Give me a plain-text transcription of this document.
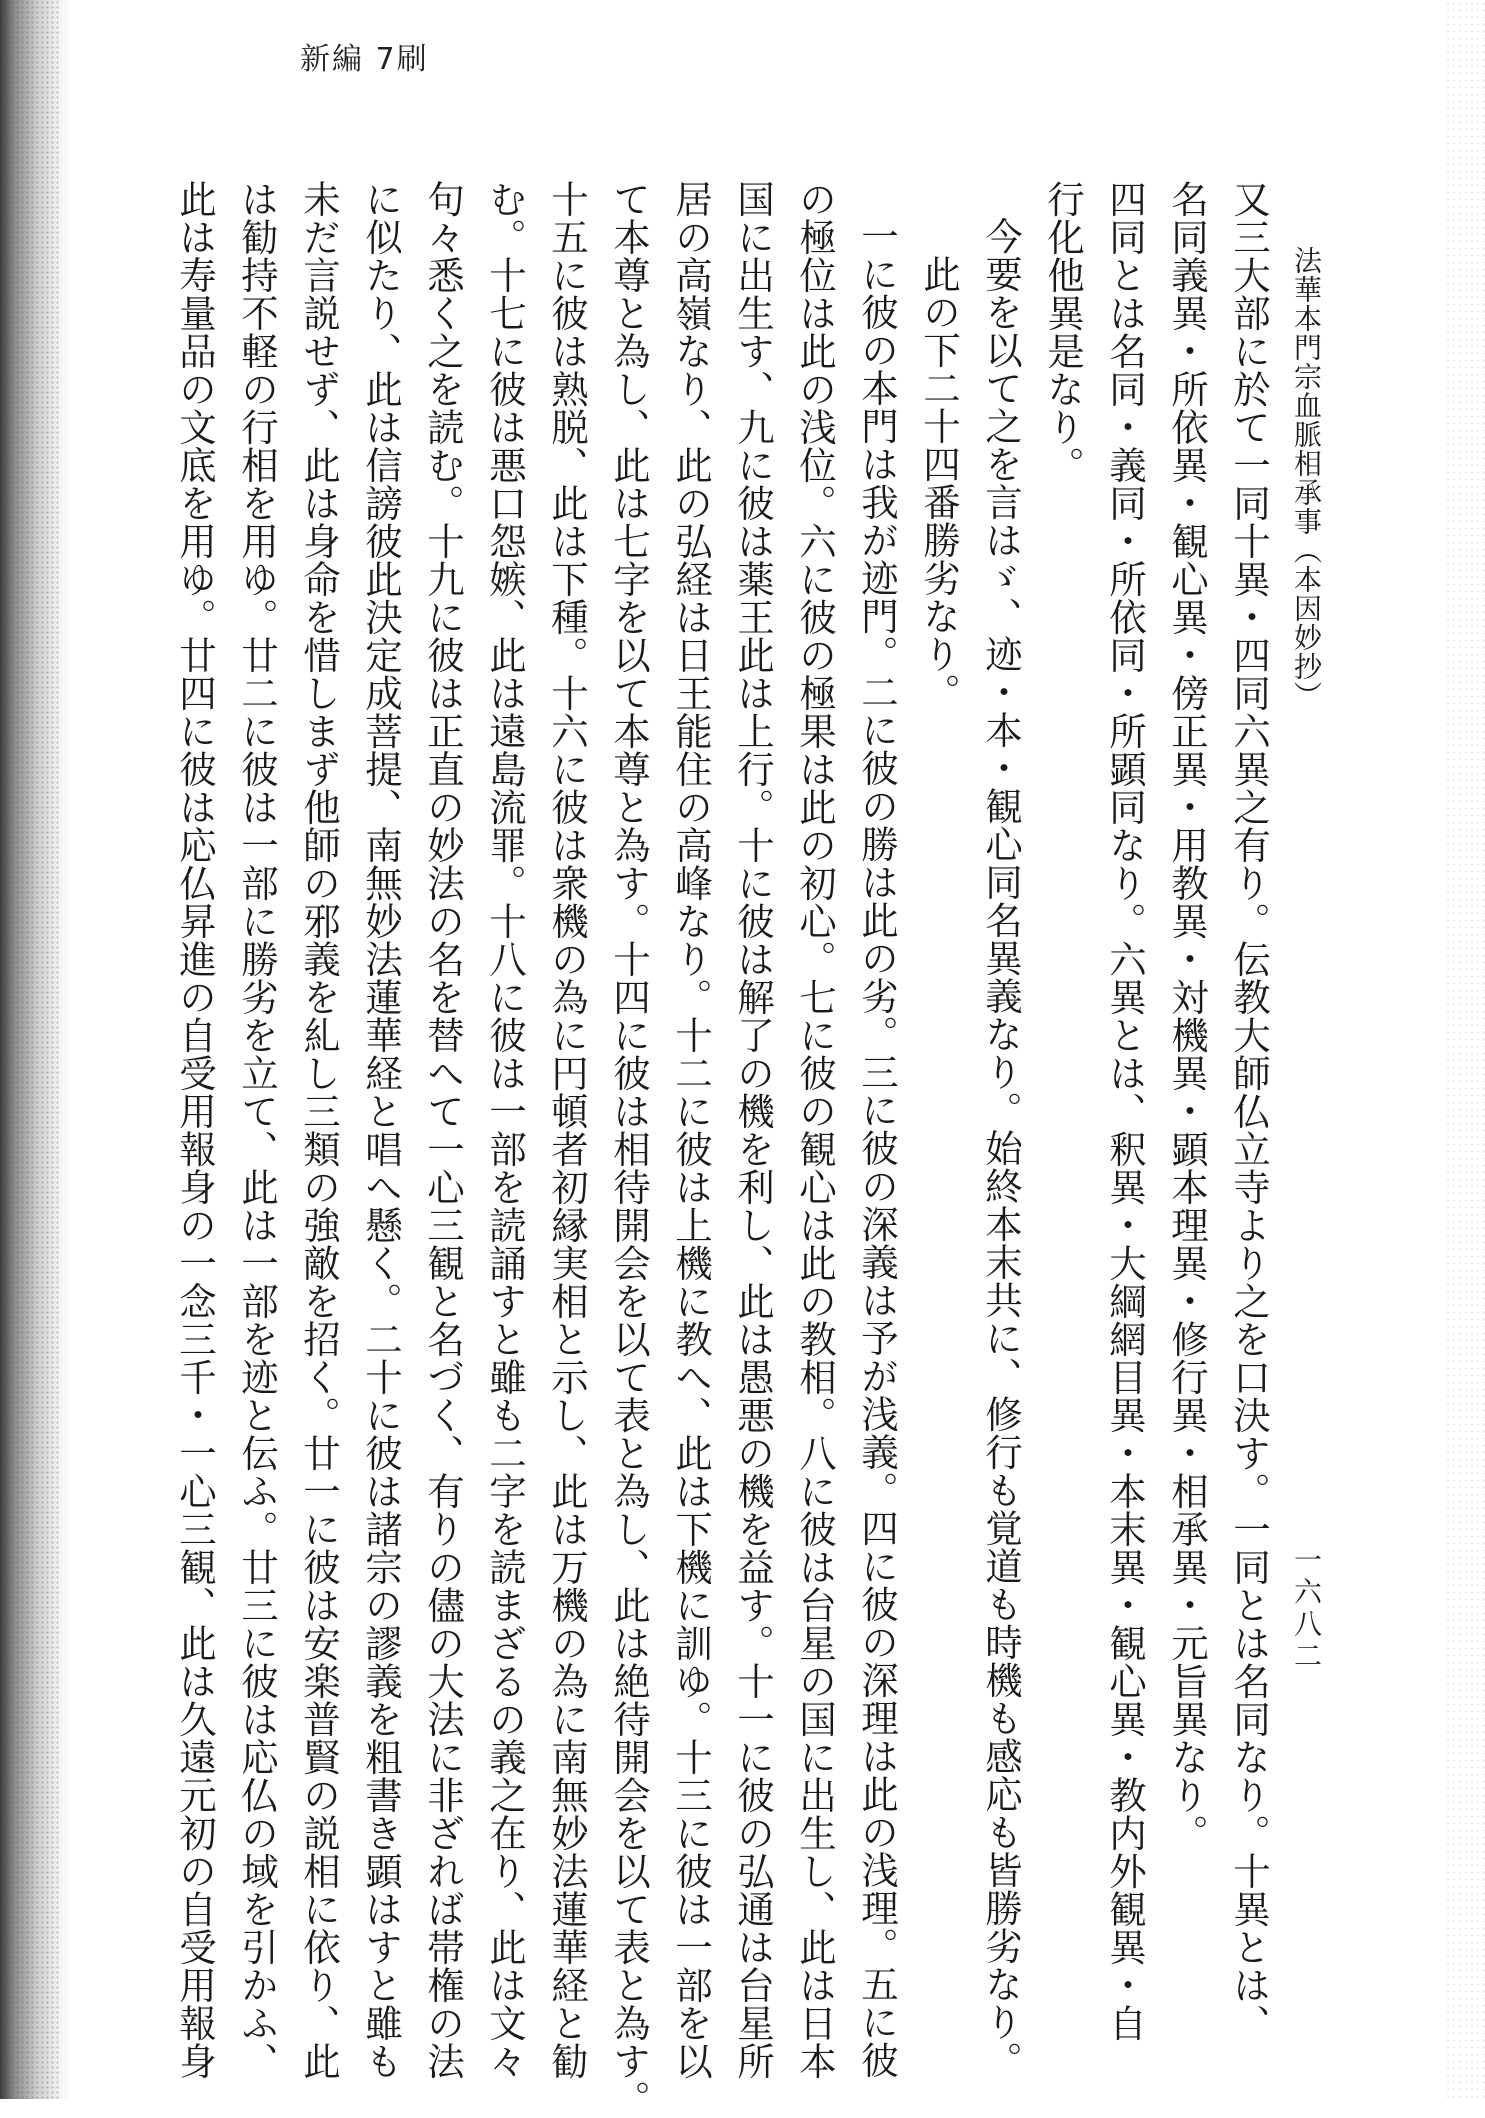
新編 7刷
法華本門宗血脈相承事（本因妙抄）
一六八二
又三大部に於て一同十異・四同六異之有り。伝教大師仏立寺より之を口決す。一同とは名同なり。十異とは、
名同義異・所依異・観心異・傍正異・用教異・対機異・顕本理異・修行異・相承異・元旨異なり。
四同とは名同・義同・所依同・所顕同なり。六異とは、釈異・大綱網目異・本末異・観心異・教内外観異・自
行化他異是なり。
今要を以て之を言はゞ、迹・本・観心同名異義なり。始終本末共に、修行も覚道も時機も感応も皆勝劣なり。
此の下二十四番勝劣なり。
一に彼の本門は我が迹門。二に彼の勝は此の劣。三に彼の深義は予が浅義。四に彼の深理は此の浅理。五に彼
の極位は此の浅位。六に彼の極果は此の初心。七に彼の観心は此の教相。八に彼は台星の国に出生し、此は日本
国に出生す、九に彼は薬王此は上行。十に彼は解了の機を利し、此は愚悪の機を益す。十一に彼の弘通は台星所
居の高嶺なり、此の弘経は日王能住の高峰なり。十二に彼は上機に教へ、此は下機に訓ゆ。十三に彼は一部を以
て本尊と為し、此は七字を以て本尊と為す。十四に彼は相待開会を以て表と為し、此は絶待開会を以て表と為す。
十五に彼は熟脱、此は下種。十六に彼は衆機の為に円頓者初縁実相と示し、此は万機の為に南無妙法蓮華経と勧
む。十七に彼は悪口怨嫉、此は遠島流罪。十八に彼は一部を読誦すと雖も二字を読まざるの義之在り、此は文々
句々悉く之を読む。十九に彼は正直の妙法の名を替へて一心三観と名づく、有りの儘の大法に非ざれば帯権の法
に似たり、此は信謗彼此決定成菩提、南無妙法蓮華経と唱へ懸く。二十に彼は諸宗の謬義を粗書き顕はすと雖も
未だ言説せず、此は身命を惜しまず他師の邪義を糺し三類の強敵を招く。廿一に彼は安楽普賢の説相に依り、此
は勧持不軽の行相を用ゆ。廿二に彼は一部に勝劣を立て、此は一部を迹と伝ふ。廿三に彼は応仏の域を引かふ、
此は寿量品の文底を用ゆ。廿四に彼は応仏昇進の自受用報身の一念三千・一心三観、此は久遠元初の自受用報身
